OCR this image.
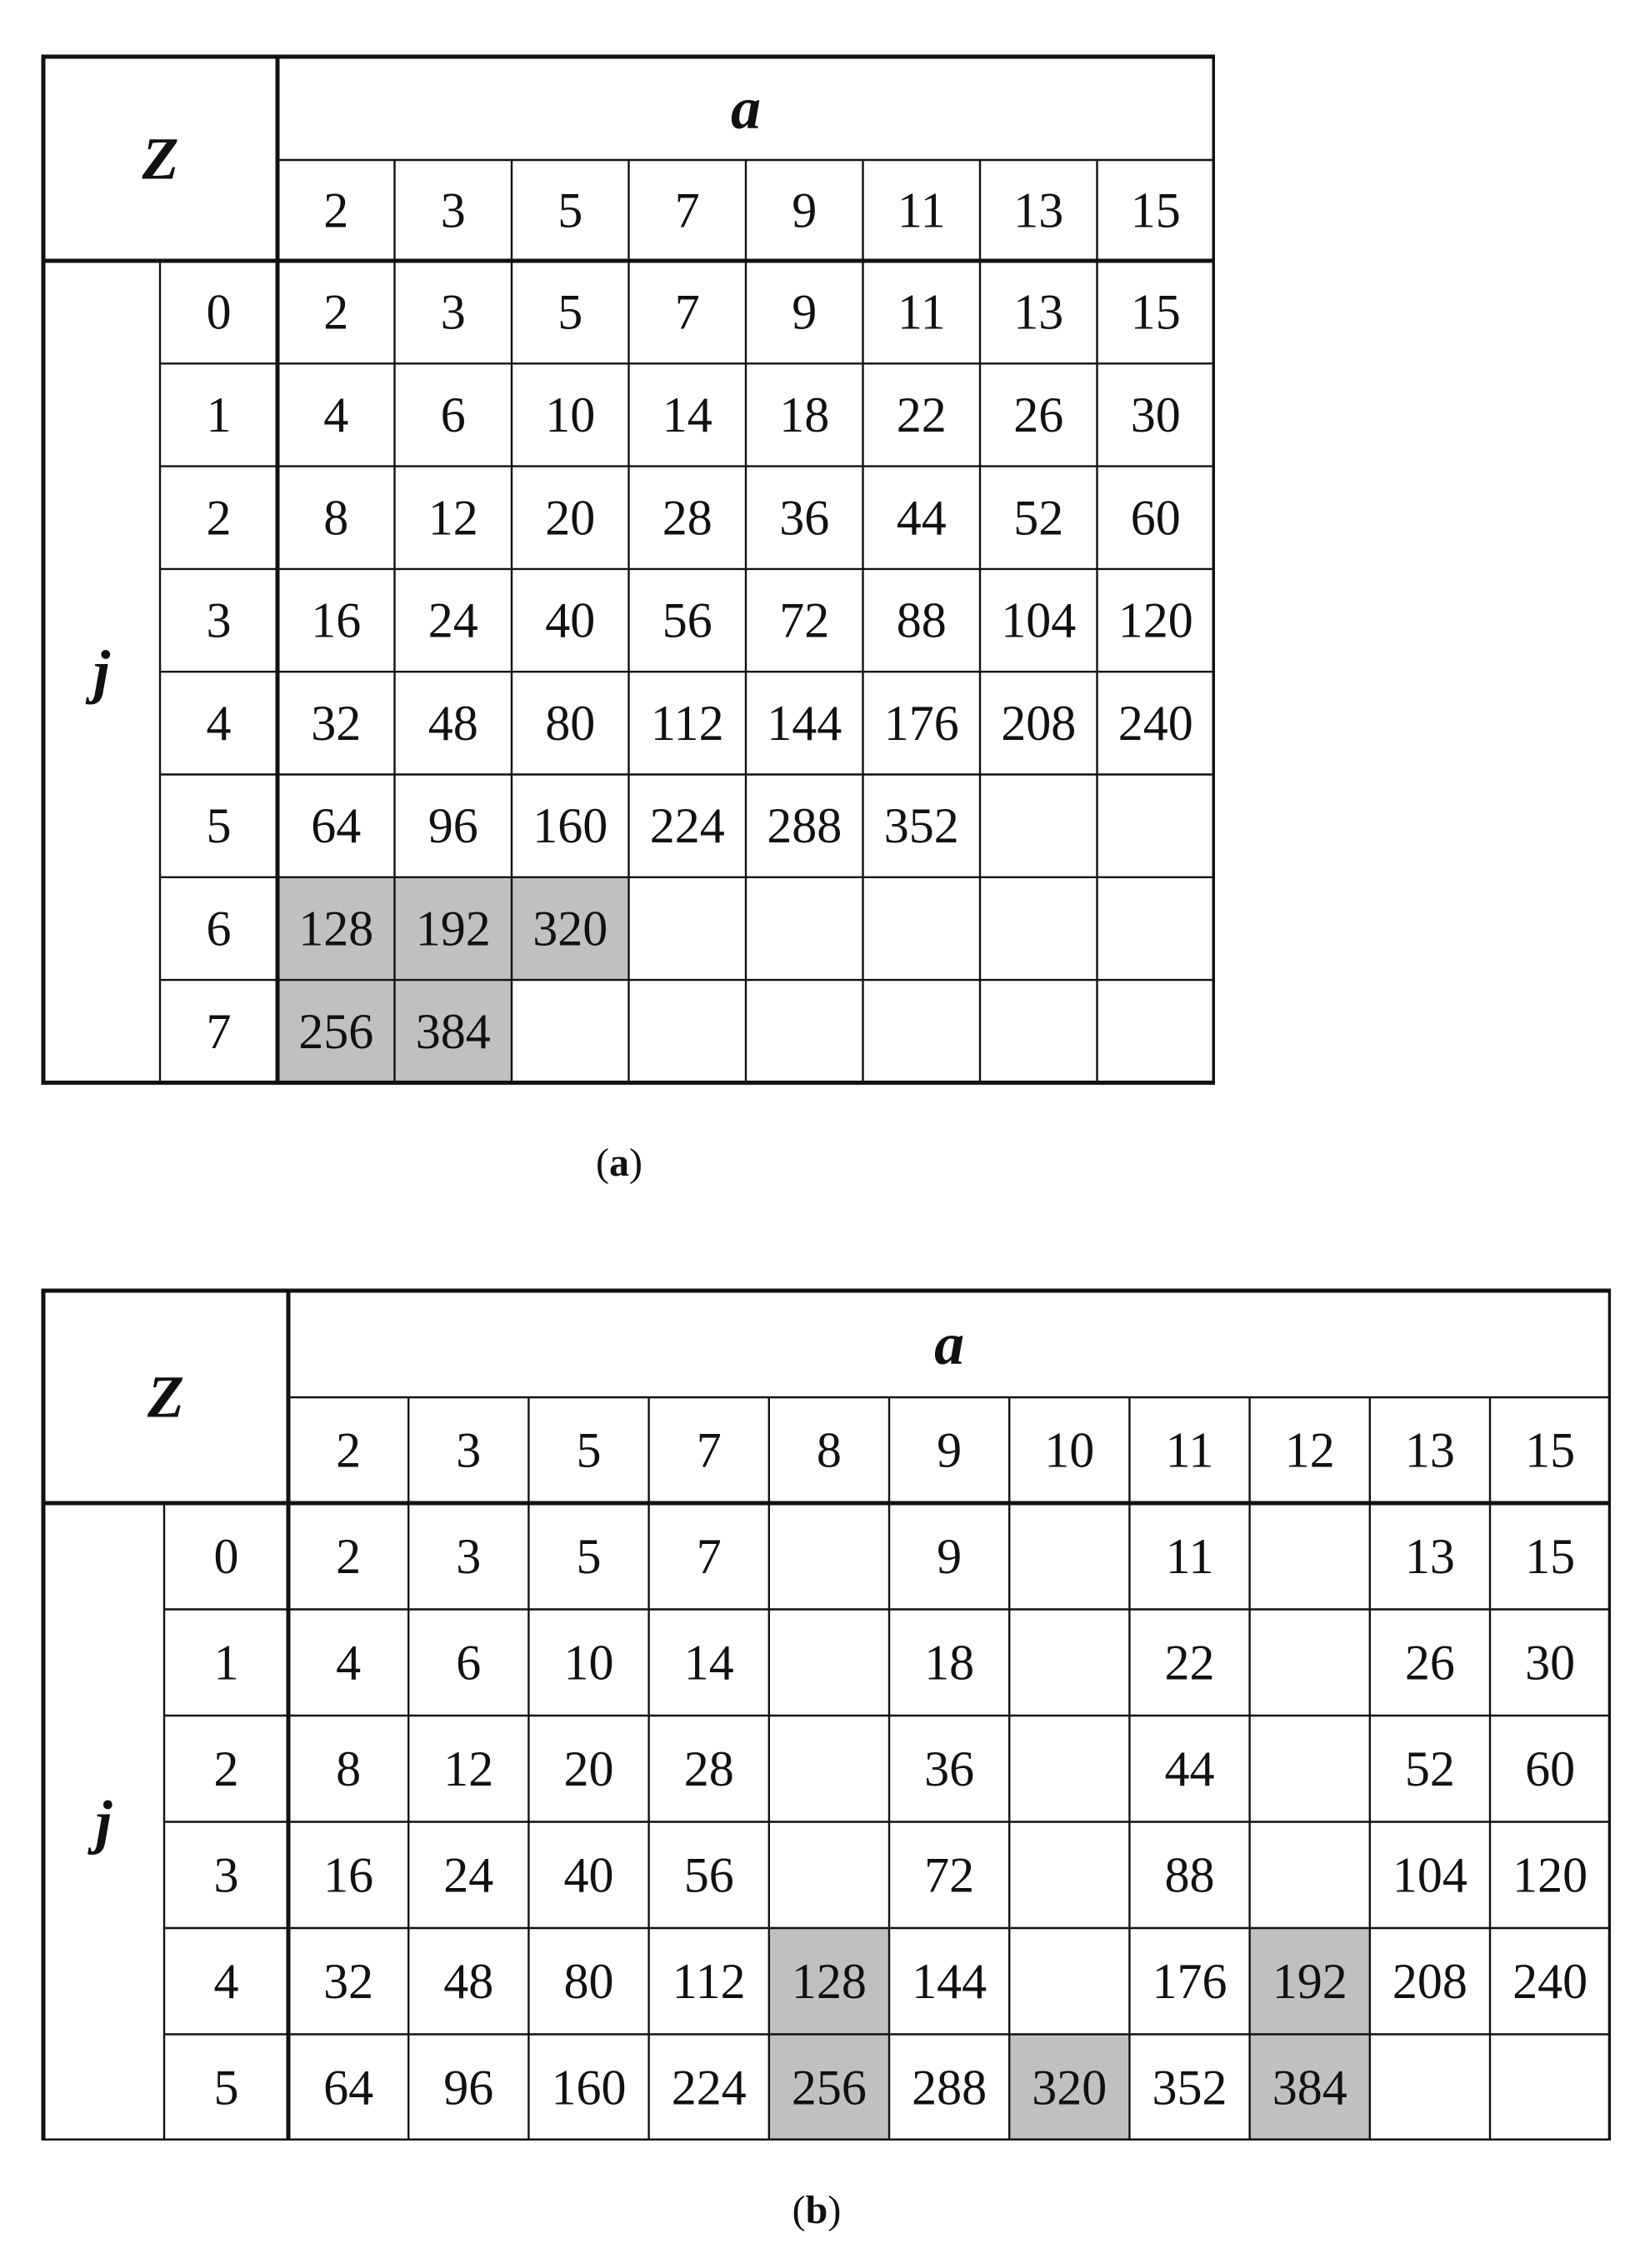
Z
a
j
2 3 5 7 9 11 13 15
0 2 3 5 7 9 11 13 15
1 4 6 10 14 18 22 26 30
2 8 12 20 28 36 44 52 60
3 16 24 40 56 72 88 104 120
4 32 48 80 112 144 176 208 240
5 64 96 160 224 288 352
6 128 192 320
7 256 384
(a)
Z
a
j
2 3 5 7 8 9 10 11 12 13 15
0 2 3 5 7	9	11	13 15
1 4 6 10 14	18	22	26 30
2 8 12 20 28	36	44	52 60
3 16 24 40 56	72	88	104 120
4 32 48 80 112 128 144	176 192 208 240
5 64 96 160 224 256 288 320 352 384
(b)
